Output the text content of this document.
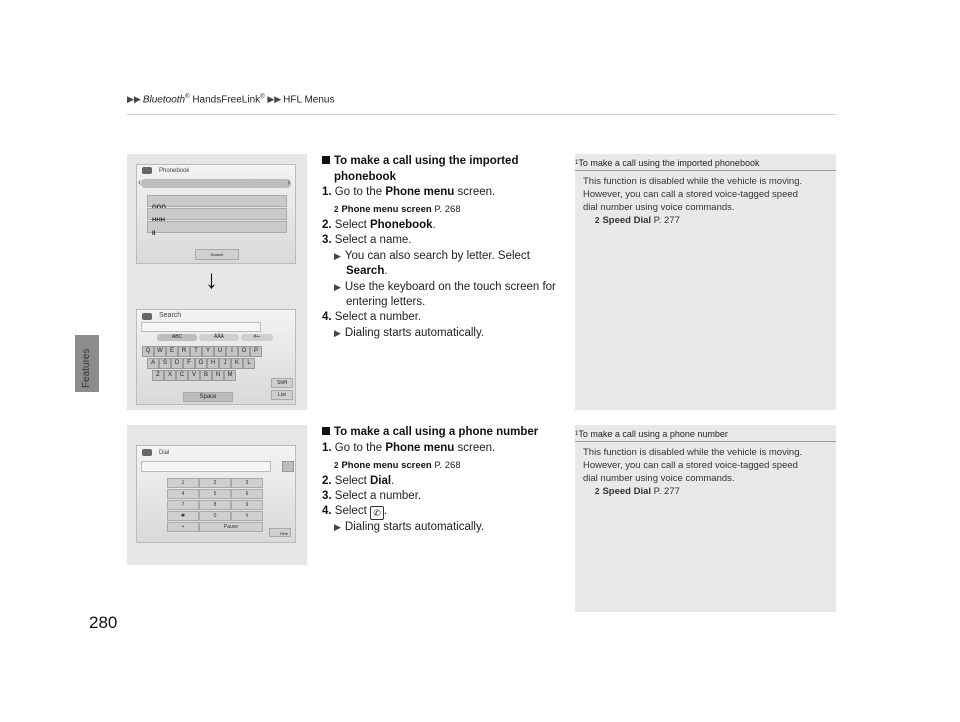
▶▶ Bluetooth® HandsFreeLink® ▶▶ HFL Menus
Features
280
Phonebook
‹	›
II
Search
↓
Search
ABC	ÄÂÄ	#+-
Q	W	E	R	T	Y	U	I	O	P
A	S	D	F	G	H	J	K	L
Z	X	C	V	B	N	M
Shift
List
Space
Dial
1	2	3
4	5	6
7	8	9
✱	0	#
+	Pause
Hide
To make a call using the imported
phonebook
1. Go to the Phone menu screen.
2 Phone menu screen P. 268
2. Select Phonebook.
3. Select a name.
▶ You can also search by letter. Select
Search.
▶ Use the keyboard on the touch screen for
entering letters.
4. Select a number.
▶ Dialing starts automatically.
To make a call using a phone number
1. Go to the Phone menu screen.
2 Phone menu screen P. 268
2. Select Dial.
3. Select a number.
4. Select ✆ .
▶ Dialing starts automatically.
$^1$To make a call using the imported phonebook
This function is disabled while the vehicle is moving.
However, you can call a stored voice-tagged speed
dial number using voice commands.
2 Speed Dial P. 277
$^1$To make a call using a phone number
This function is disabled while the vehicle is moving.
However, you can call a stored voice-tagged speed
dial number using voice commands.
2 Speed Dial P. 277
